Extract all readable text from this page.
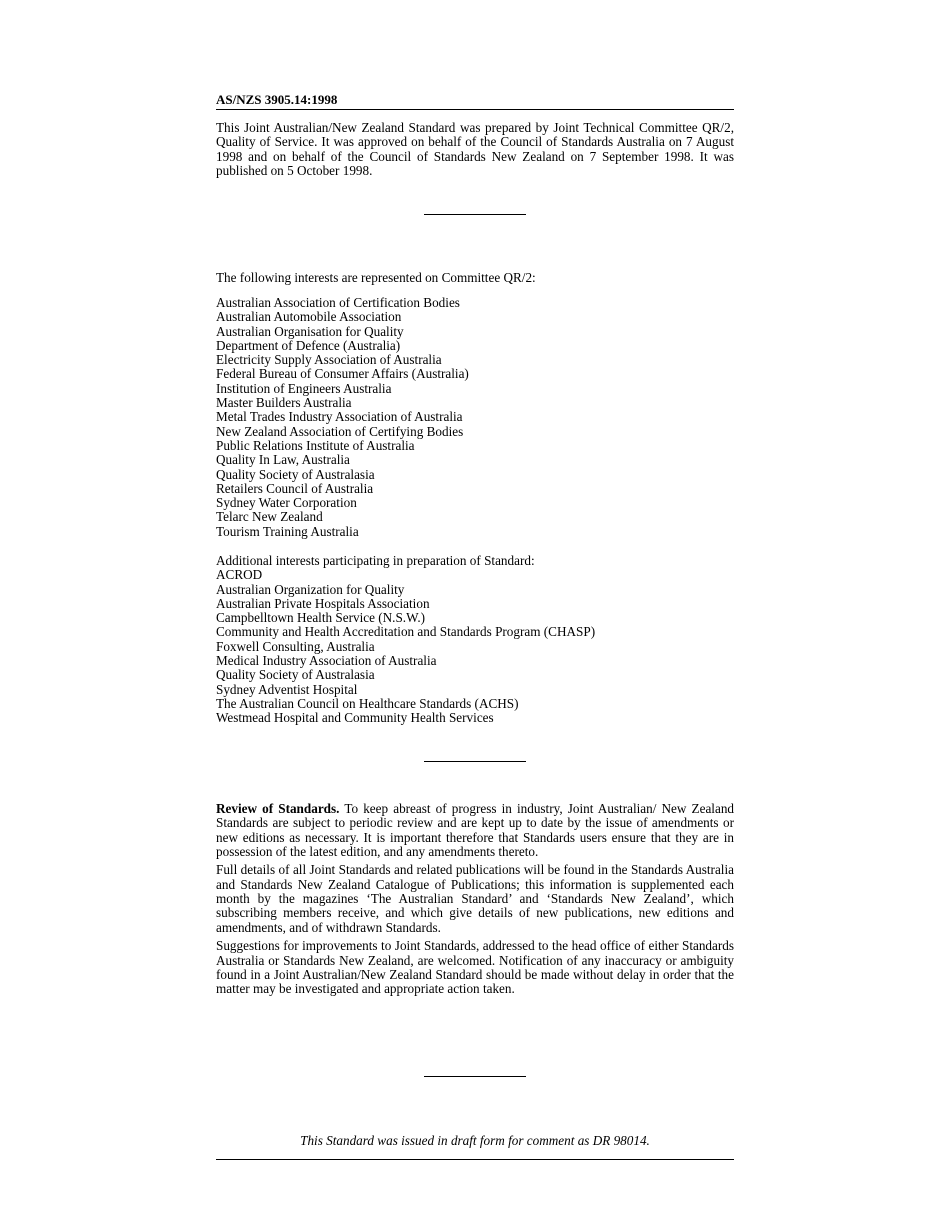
AS/NZS 3905.14:1998

This Joint Australian/New Zealand Standard was prepared by Joint Technical Committee QR/2, Quality of Service. It was approved on behalf of the Council of Standards Australia on 7 August 1998 and on behalf of the Council of Standards New Zealand on 7 September 1998. It was published on 5 October 1998.

The following interests are represented on Committee QR/2:
Australian Association of Certification Bodies
Australian Automobile Association
Australian Organisation for Quality
Department of Defence (Australia)
Electricity Supply Association of Australia
Federal Bureau of Consumer Affairs (Australia)
Institution of Engineers Australia
Master Builders Australia
Metal Trades Industry Association of Australia
New Zealand Association of Certifying Bodies
Public Relations Institute of Australia
Quality In Law, Australia
Quality Society of Australasia
Retailers Council of Australia
Sydney Water Corporation
Telarc New Zealand
Tourism Training Australia
Additional interests participating in preparation of Standard:
ACROD
Australian Organization for Quality
Australian Private Hospitals Association
Campbelltown Health Service (N.S.W.)
Community and Health Accreditation and Standards Program (CHASP)
Foxwell Consulting, Australia
Medical Industry Association of Australia
Quality Society of Australasia
Sydney Adventist Hospital
The Australian Council on Healthcare Standards (ACHS)
Westmead Hospital and Community Health Services

Review of Standards. To keep abreast of progress in industry, Joint Australian/ New Zealand Standards are subject to periodic review and are kept up to date by the issue of amendments or new editions as necessary. It is important therefore that Standards users ensure that they are in possession of the latest edition, and any amendments thereto.

Full details of all Joint Standards and related publications will be found in the Standards Australia and Standards New Zealand Catalogue of Publications; this information is supplemented each month by the magazines ‘The Australian Standard’ and ‘Standards New Zealand’, which subscribing members receive, and which give details of new publications, new editions and amendments, and of withdrawn Standards.

Suggestions for improvements to Joint Standards, addressed to the head office of either Standards Australia or Standards New Zealand, are welcomed. Notification of any inaccuracy or ambiguity found in a Joint Australian/New Zealand Standard should be made without delay in order that the matter may be investigated and appropriate action taken.

This Standard was issued in draft form for comment as DR 98014.
